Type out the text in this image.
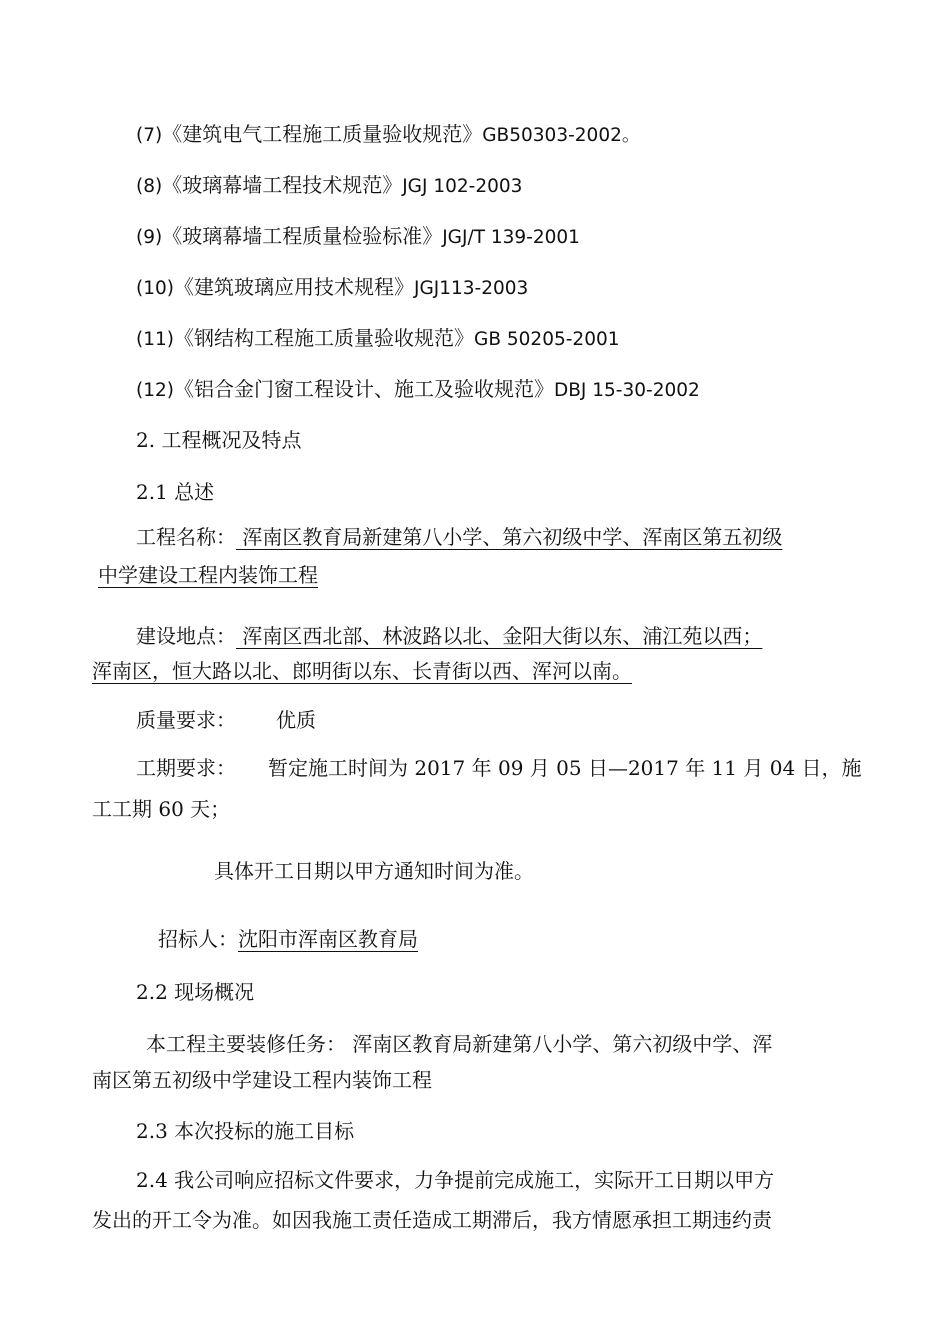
(7)《建筑电气工程施工质量验收规范》GB50303-2002。
(8)《玻璃幕墙工程技术规范》JGJ 102-2003
(9)《玻璃幕墙工程质量检验标准》JGJ/T 139-2001
(10)《建筑玻璃应用技术规程》JGJ113-2003
(11)《钢结构工程施工质量验收规范》GB 50205-2001
(12)《铝合金门窗工程设计、施工及验收规范》DBJ 15-30-2002
2. 工程概况及特点
2.1 总述
工程名称： 浑南区教育局新建第八小学、第六初级中学、浑南区第五初级
中学建设工程内装饰工程
建设地点： 浑南区西北部、林波路以北、金阳大街以东、浦江苑以西；
浑南区，恒大路以北、郎明街以东、长青街以西、浑河以南。
质量要求： 优质
工期要求： 暂定施工时间为 2017 年 09 月 05 日—2017 年 11 月 04 日，施
工工期 60 天；
具体开工日期以甲方通知时间为准。
招标人：沈阳市浑南区教育局
2.2 现场概况
本工程主要装修任务： 浑南区教育局新建第八小学、第六初级中学、浑
南区第五初级中学建设工程内装饰工程
2.3 本次投标的施工目标
2.4 我公司响应招标文件要求，力争提前完成施工，实际开工日期以甲方
发出的开工令为准。如因我施工责任造成工期滞后，我方情愿承担工期违约责
